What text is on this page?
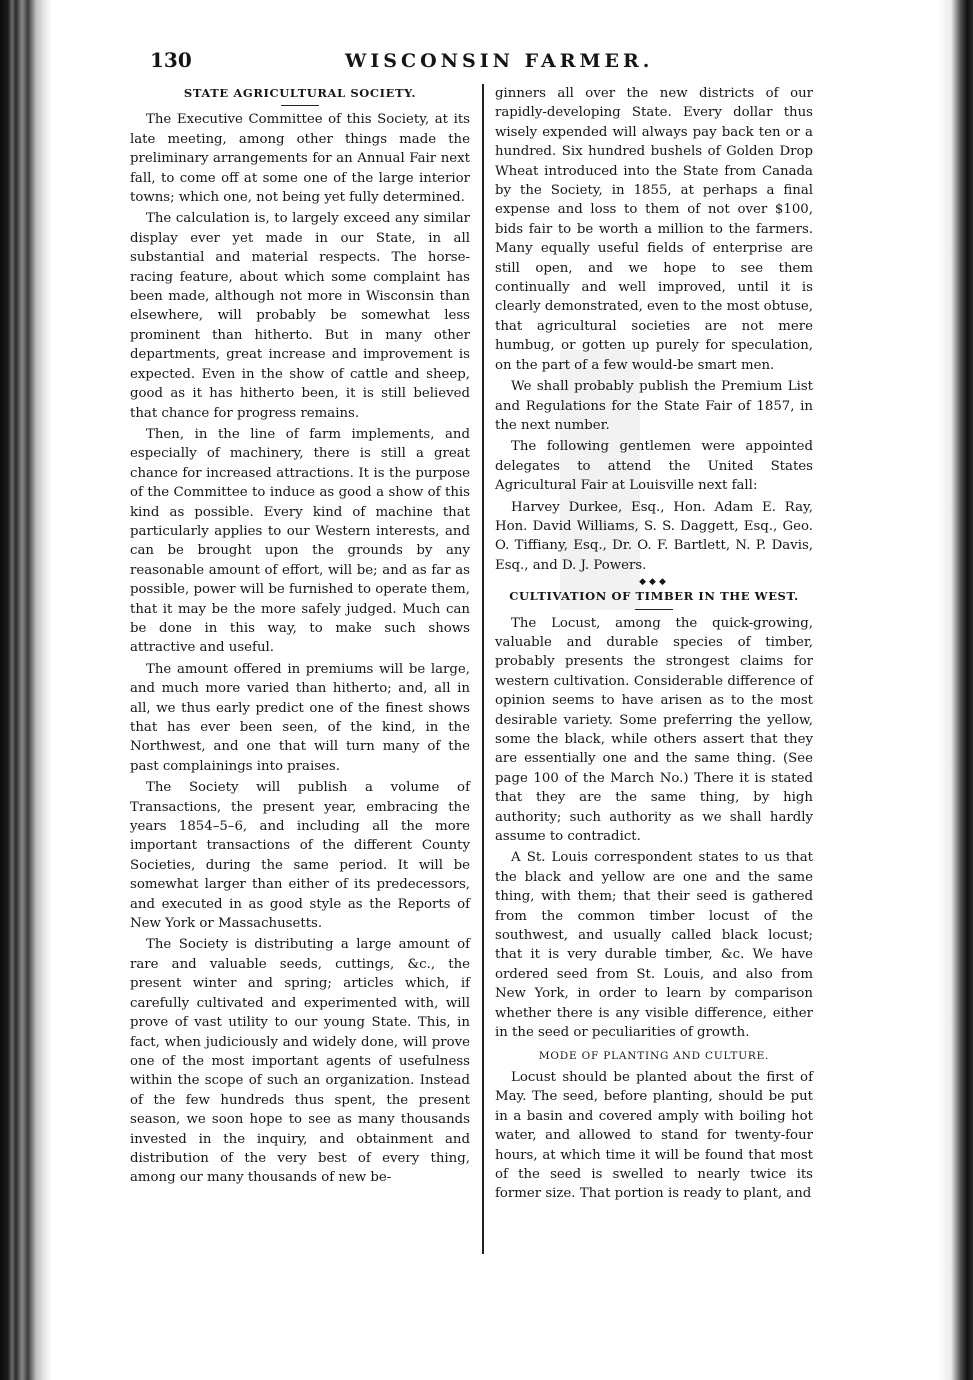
130	WISCONSIN FARMER.
STATE AGRICULTURAL SOCIETY.

The Executive Committee of this Society, at its late meeting, among other things made the preliminary arrangements for an Annual Fair next fall, to come off at some one of the large interior towns; which one, not being yet fully determined.

The calculation is, to largely exceed any similar display ever yet made in our State, in all substantial and material respects. The horse-racing feature, about which some complaint has been made, although not more in Wisconsin than elsewhere, will probably be somewhat less prominent than hitherto. But in many other departments, great increase and improvement is expected. Even in the show of cattle and sheep, good as it has hitherto been, it is still believed that chance for progress remains.

Then, in the line of farm implements, and especially of machinery, there is still a great chance for increased attractions. It is the purpose of the Committee to induce as good a show of this kind as possible. Every kind of machine that particularly applies to our Western interests, and can be brought upon the grounds by any reasonable amount of effort, will be; and as far as possible, power will be furnished to operate them, that it may be the more safely judged. Much can be done in this way, to make such shows attractive and useful.

The amount offered in premiums will be large, and much more varied than hitherto; and, all in all, we thus early predict one of the finest shows that has ever been seen, of the kind, in the Northwest, and one that will turn many of the past complainings into praises.

The Society will publish a volume of Transactions, the present year, embracing the years 1854–5–6, and including all the more important transactions of the different County Societies, during the same period. It will be somewhat larger than either of its predecessors, and executed in as good style as the Reports of New York or Massachusetts.

The Society is distributing a large amount of rare and valuable seeds, cuttings, &c., the present winter and spring; articles which, if carefully cultivated and experimented with, will prove of vast utility to our young State. This, in fact, when judiciously and widely done, will prove one of the most important agents of usefulness within the scope of such an organization. Instead of the few hundreds thus spent, the present season, we soon hope to see as many thousands invested in the inquiry, and obtainment and distribution of the very best of every thing, among our many thousands of new be-

ginners all over the new districts of our rapidly-developing State. Every dollar thus wisely expended will always pay back ten or a hundred. Six hundred bushels of Golden Drop Wheat introduced into the State from Canada by the Society, in 1855, at perhaps a final expense and loss to them of not over $100, bids fair to be worth a million to the farmers. Many equally useful fields of enterprise are still open, and we hope to see them continually and well improved, until it is clearly demonstrated, even to the most obtuse, that agricultural societies are not mere humbug, or gotten up purely for speculation, on the part of a few would-be smart men.

We shall probably publish the Premium List and Regulations for the State Fair of 1857, in the next number.

The following gentlemen were appointed delegates to attend the United States Agricultural Fair at Louisville next fall:

Harvey Durkee, Esq., Hon. Adam E. Ray, Hon. David Williams, S. S. Daggett, Esq., Geo. O. Tiffiany, Esq., Dr. O. F. Bartlett, N. P. Davis, Esq., and D. J. Powers.

◆◆◆
CULTIVATION OF TIMBER IN THE WEST.

The Locust, among the quick-growing, valuable and durable species of timber, probably presents the strongest claims for western cultivation. Considerable difference of opinion seems to have arisen as to the most desirable variety. Some preferring the yellow, some the black, while others assert that they are essentially one and the same thing. (See page 100 of the March No.) There it is stated that they are the same thing, by high authority; such authority as we shall hardly assume to contradict.

A St. Louis correspondent states to us that the black and yellow are one and the same thing, with them; that their seed is gathered from the common timber locust of the southwest, and usually called black locust; that it is very durable timber, &c. We have ordered seed from St. Louis, and also from New York, in order to learn by comparison whether there is any visible difference, either in the seed or peculiarities of growth.

MODE OF PLANTING AND CULTURE.

Locust should be planted about the first of May. The seed, before planting, should be put in a basin and covered amply with boiling hot water, and allowed to stand for twenty-four hours, at which time it will be found that most of the seed is swelled to nearly twice its former size. That portion is ready to plant, and
